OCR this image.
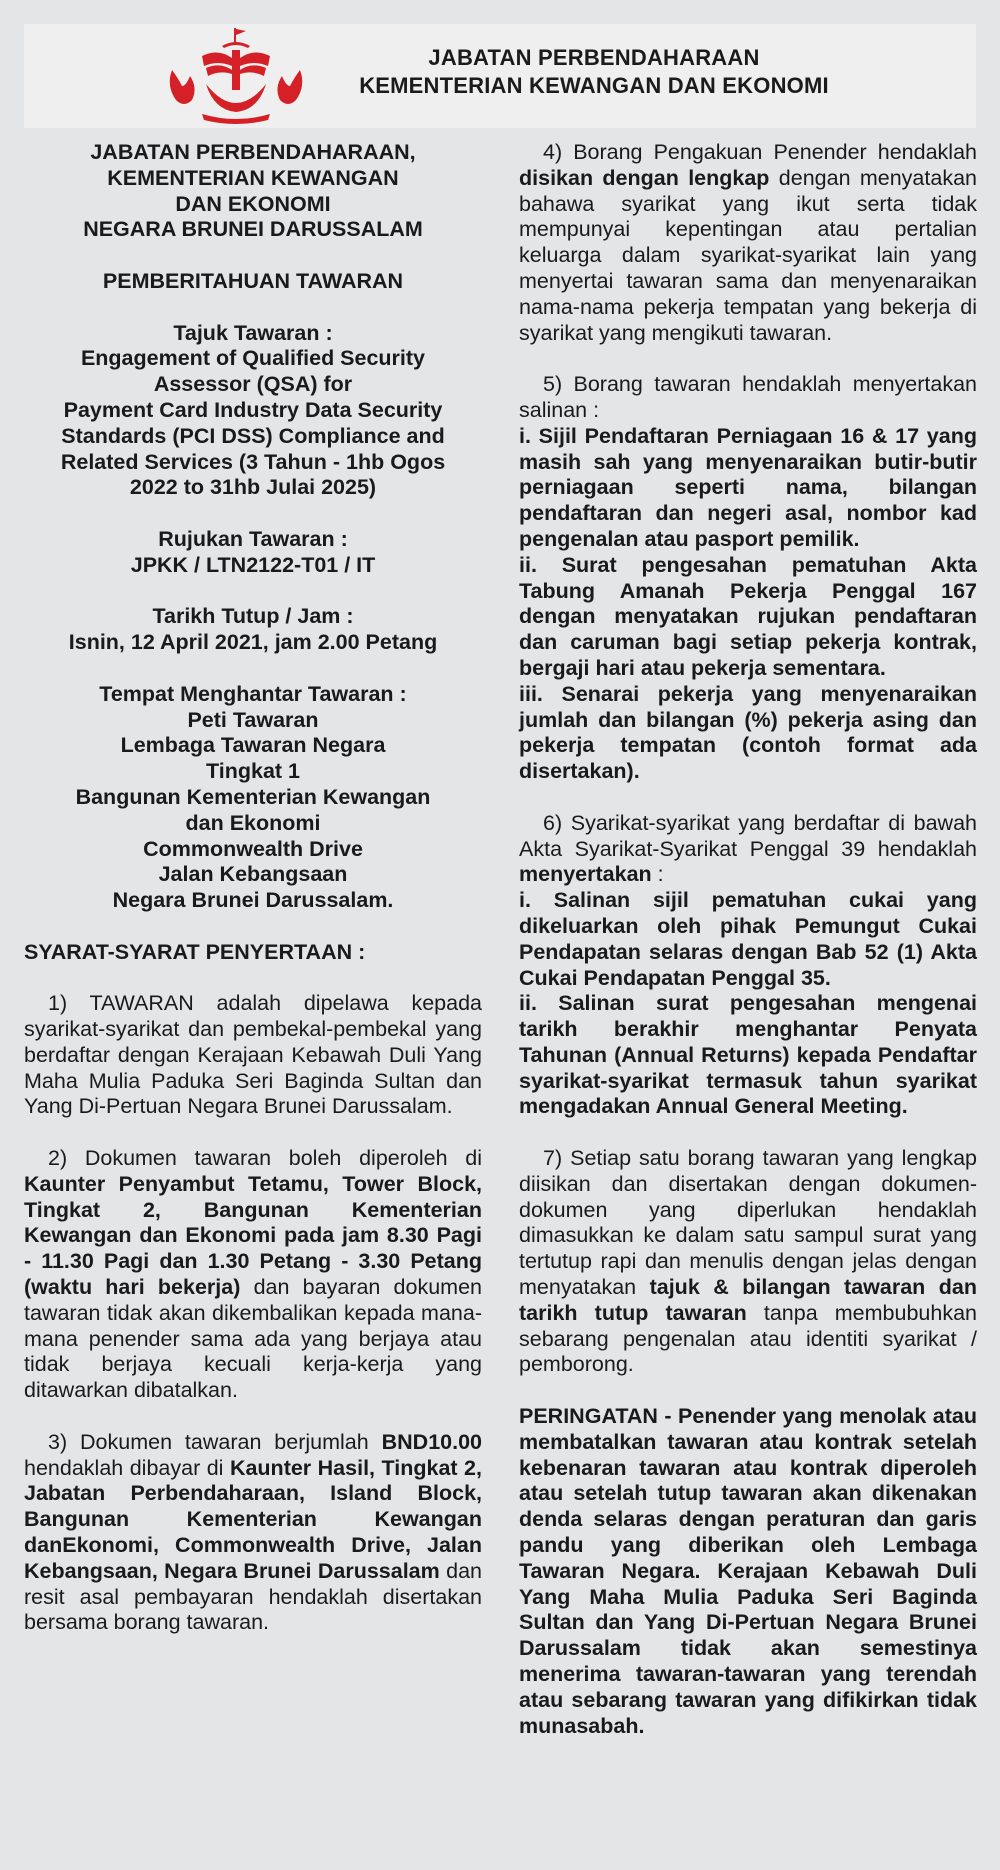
JABATAN PERBENDAHARAAN
KEMENTERIAN KEWANGAN DAN EKONOMI

JABATAN PERBENDAHARAAN,

KEMENTERIAN KEWANGAN

DAN EKONOMI

NEGARA BRUNEI DARUSSALAM

PEMBERITAHUAN TAWARAN

Tajuk Tawaran :

Engagement of Qualified Security

Assessor (QSA) for

Payment Card Industry Data Security

Standards (PCI DSS) Compliance and

Related Services (3 Tahun - 1hb Ogos

2022 to 31hb Julai 2025)

Rujukan Tawaran :

JPKK / LTN2122-T01 / IT

Tarikh Tutup / Jam :

Isnin, 12 April 2021, jam 2.00 Petang

Tempat Menghantar Tawaran :

Peti Tawaran

Lembaga Tawaran Negara

Tingkat 1

Bangunan Kementerian Kewangan

dan Ekonomi

Commonwealth Drive

Jalan Kebangsaan

Negara Brunei Darussalam.

SYARAT-SYARAT PENYERTAAN :

1) TAWARAN adalah dipelawa kepada syarikat-syarikat dan pembekal-pembekal yang berdaftar dengan Kerajaan Kebawah Duli Yang Maha Mulia Paduka Seri Baginda Sultan dan Yang Di-Pertuan Negara Brunei Darussalam.

2) Dokumen tawaran boleh diperoleh di Kaunter Penyambut Tetamu, Tower Block, Tingkat 2, Bangunan Kementerian Kewangan dan Ekonomi pada jam 8.30 Pagi - 11.30 Pagi dan 1.30 Petang - 3.30 Petang (waktu hari bekerja) dan bayaran dokumen tawaran tidak akan dikembalikan kepada mana-mana penender sama ada yang berjaya atau tidak berjaya kecuali kerja-kerja yang ditawarkan dibatalkan.

3) Dokumen tawaran berjumlah BND10.00 hendaklah dibayar di Kaunter Hasil, Tingkat 2, Jabatan Perbendaharaan, Island Block, Bangunan Kementerian Kewangan danEkonomi, Commonwealth Drive, Jalan Kebangsaan, Negara Brunei Darussalam dan resit asal pembayaran hendaklah disertakan bersama borang tawaran.

4) Borang Pengakuan Penender hendaklah disikan dengan lengkap dengan menyatakan bahawa syarikat yang ikut serta tidak mempunyai kepentingan atau pertalian keluarga dalam syarikat-syarikat lain yang menyertai tawaran sama dan menyenaraikan nama-nama pekerja tempatan yang bekerja di syarikat yang mengikuti tawaran.

5) Borang tawaran hendaklah menyertakan salinan :

i. Sijil Pendaftaran Perniagaan 16 & 17 yang masih sah yang menyenaraikan butir-butir perniagaan seperti nama, bilangan pendaftaran dan negeri asal, nombor kad pengenalan atau pasport pemilik.

ii. Surat pengesahan pematuhan Akta Tabung Amanah Pekerja Penggal 167 dengan menyatakan rujukan pendaftaran dan caruman bagi setiap pekerja kontrak, bergaji hari atau pekerja sementara.

iii. Senarai pekerja yang menyenaraikan jumlah dan bilangan (%) pekerja asing dan pekerja tempatan (contoh format ada disertakan).

6) Syarikat-syarikat yang berdaftar di bawah Akta Syarikat-Syarikat Penggal 39 hendaklah menyertakan :

i. Salinan sijil pematuhan cukai yang dikeluarkan oleh pihak Pemungut Cukai Pendapatan selaras dengan Bab 52 (1) Akta Cukai Pendapatan Penggal 35.

ii. Salinan surat pengesahan mengenai tarikh berakhir menghantar Penyata Tahunan (Annual Returns) kepada Pendaftar syarikat-syarikat termasuk tahun syarikat mengadakan Annual General Meeting.

7) Setiap satu borang tawaran yang lengkap diisikan dan disertakan dengan dokumen-dokumen yang diperlukan hendaklah dimasukkan ke dalam satu sampul surat yang tertutup rapi dan menulis dengan jelas dengan menyatakan tajuk & bilangan tawaran dan tarikh tutup tawaran tanpa membubuhkan sebarang pengenalan atau identiti syarikat / pemborong.

PERINGATAN - Penender yang menolak atau membatalkan tawaran atau kontrak setelah kebenaran tawaran atau kontrak diperoleh atau setelah tutup tawaran akan dikenakan denda selaras dengan peraturan dan garis pandu yang diberikan oleh Lembaga Tawaran Negara. Kerajaan Kebawah Duli Yang Maha Mulia Paduka Seri Baginda Sultan dan Yang Di-Pertuan Negara Brunei Darussalam tidak akan semestinya menerima tawaran-tawaran yang terendah atau sebarang tawaran yang difikirkan tidak munasabah.
